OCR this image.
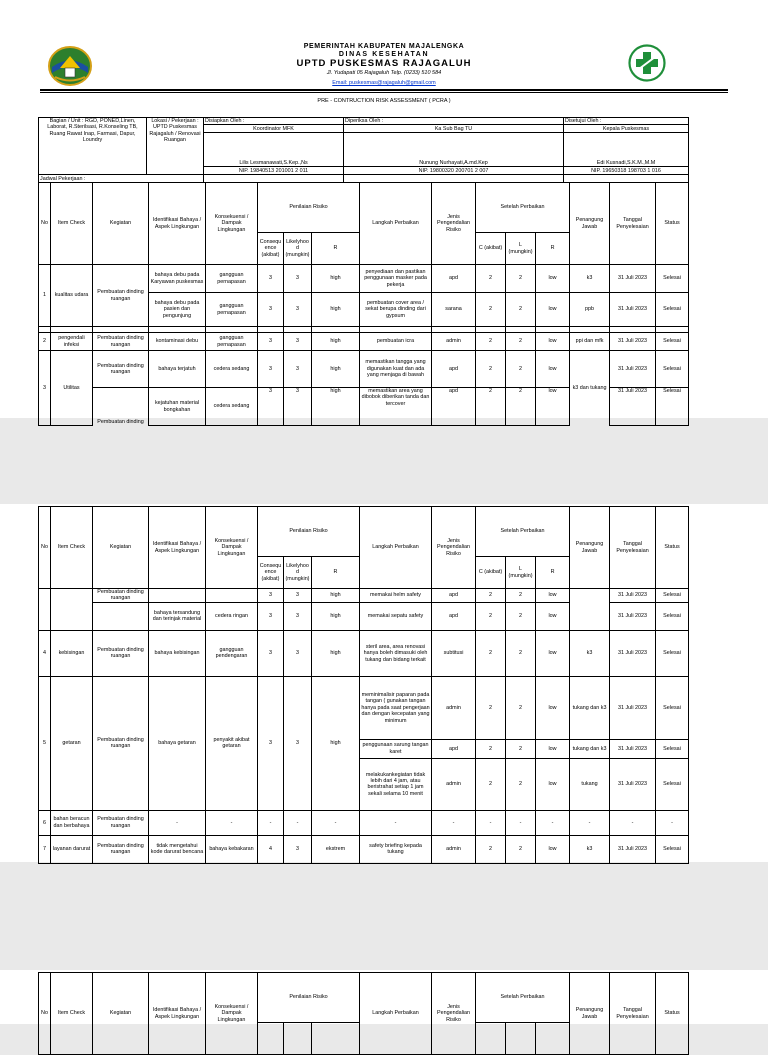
PEMERINTAH KABUPATEN MAJALENGKA
DINAS KESEHATAN
UPTD PUSKESMAS RAJAGALUH
Jl. Yudapati 05 Rajagaluh Telp. (0233) 510 584
Email: puskesmas@rajagaluh@gmail.com
PRE - CONTRUCTION RISK ASSESSMENT ( PCRA )
Bagian / Unit : RGD, PONED,Linen, Laborat, R.Sterilsasi, R.Konseling TB, Ruang Rawat Inap, Farmasi, Dapur, Loundry	Lokasi / Pekerjaan : UPTD Puskesmas Rajagaluh / Renovasi Ruangan	Disiapkan Oleh :	Diperiksa Oleh :	Disetujui Oleh :
		Koordinator MFK	Ka Sub Bag TU	Kepala Puskesmas
		Lilis Lesmanawati,S.Kep.,Ns	Nunung Nurhayati,A.md.Kep	Edi Kusnadi,S.K.M.,M.M
		NIP. 19840513 201001 2 011	NIP. 19800320 200701 2 007	NIP. 19650318 198703 1 016
Jadwal Pekerjaan :				
No	Item Check	Kegiatan	Identifikasi Bahaya / Aspek Lingkungan	Konsekuensi / Dampak Lingkungan	Penilaian Risiko			Langkah Perbaikan	Jenis Pengendalian Risiko	Setelah Perbaikan			Penangung Jawab	Tanggal Penyelesaian	Status
					Consequence (akibat)	Likelyhood (mungkin)	R			C (akibat)	L (mungkin)	R			
1	kualitas udara	Pembuatan dinding ruangan	bahaya debu pada Karyawan puskesmas	gangguan pernapasan	3	3	high	penyediaan dan pastikan penggunaan masker pada pekerja	apd	2	2	low	k3	31 Juli 2023	Selesai
			bahaya debu pada pasien dan pengunjung	gangguan pernapasan	3	3	high	pembuatan cover area / sekat berupa dinding dari gypsum	sarana	2	2	low	ppb	31 Juli 2023	Selesai

2	pengendali infeksi	Pembuatan dinding ruangan	kontaminasi debu	gangguan pernapasan	3	3	high	pembuatan icra	admin	2	2	low	ppi dan mfk	31 Juli 2023	Selesai
3	Utilitas	Pembuatan dinding ruangan	bahaya terjatuh	cedera sedang	3	3	high	memastikan tangga yang digunakan kuat dan ada yang menjaga di bawah	apd	2	2	low	k3 dan tukang	31 Juli 2023	Selesai
		Pembuatan dinding	kejatuhan material bongkahan	cedera sedang	3	3	high	memastikan area yang dibobok diberikan tanda dan tercover	apd	2	2	low		31 Juli 2023	Selesai
No	Item Check	Kegiatan	Identifikasi Bahaya / Aspek Lingkungan	Konsekuensi / Dampak Lingkungan	Penilaian Risiko			Langkah Perbaikan	Jenis Pengendalian Risiko	Setelah Perbaikan			Penangung Jawab	Tanggal Penyelesaian	Status
					Consequence (akibat)	Likelyhood (mungkin)	R			C (akibat)	L (mungkin)	R			
		Pembuatan dinding ruangan			3	3	high	memakai helm safety	apd	2	2	low		31 Juli 2023	Selesai
			bahaya tersandung dan terinjak material	cedera ringan	3	3	high	memakai sepatu safety	apd	2	2	low		31 Juli 2023	Selesai
4	kebisingan	Pembuatan dinding ruangan	bahaya kebisingan	gangguan pendengaran	3	3	high	steril area, area renovasi hanya boleh dimasuki oleh tukang dan bidang terkait	subtitusi	2	2	low	k3	31 Juli 2023	Selesai
5	getaran	Pembuatan dinding ruangan	bahaya getaran	penyakit akibat getaran	3	3	high	meminimalisir paparan pada tangan ( gunakan tangan hanya pada saat pengerjaan dan dengan kecepatan yang minimum	admin	2	2	low	tukang dan k3	31 Juli 2023	Selesai
								penggunaan sarung tangan karet	apd	2	2	low	tukang dan k3	31 Juli 2023	Selesai
								melakukankegiatan tidak lebih dari 4 jam, atau beristrahat setiap 1 jam sekali selama 10 menit	admin	2	2	low	tukang	31 Juli 2023	Selesai
6	bahan beracun dan berbahaya	Pembuatan dinding ruangan	-	-	-	-	-	-	-	-	-	-	-	-	-
7	layanan darurat	Pembuatan dinding ruangan	tidak mengetahui kode darurat bencana	bahaya kebakaran	4	3	ekstrem	safety briefing kepada tukang	admin	2	2	low	k3	31 Juli 2023	Selesai
No	Item Check	Kegiatan	Identifikasi Bahaya / Aspek Lingkungan	Konsekuensi / Dampak Lingkungan	Penilaian Risiko			Langkah Perbaikan	Jenis Pengendalian Risiko	Setelah Perbaikan			Penangung Jawab	Tanggal Penyelesaian	Status
